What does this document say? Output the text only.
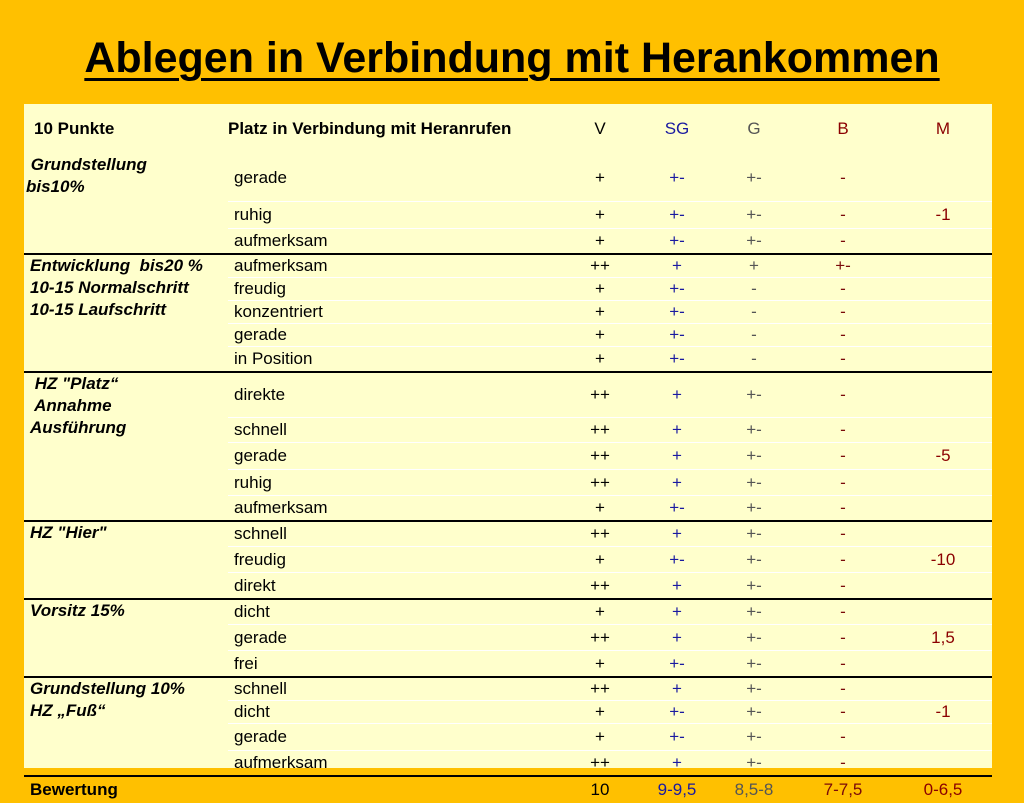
Ablegen in Verbindung mit Herankommen
10 Punkte	Platz in Verbindung mit Heranrufen	V	SG	G	B	M
Grundstellung
bis10%	gerade	+	+-	+-	-	
	ruhig	+	+-	+-	-	-1
	aufmerksam	+	+-	+-	-	
Entwicklung  bis20 %
10-15 Normalschritt
10-15 Laufschritt	aufmerksam	++	+	+	+-	
	freudig	+	+-	-	-	
	konzentriert	+	+-	-	-	
	gerade	+	+-	-	-	
	in Position	+	+-	-	-	
HZ "Platz“
Annahme
Ausführung	direkte	++	+	+-	-	
	schnell	++	+	+-	-	
	gerade	++	+	+-	-	-5
	ruhig	++	+	+-	-	
	aufmerksam	+	+-	+-	-	
HZ "Hier"	schnell	++	+	+-	-	
	freudig	+	+-	+-	-	-10
	direkt	++	+	+-	-	
Vorsitz 15%	dicht	+	+	+-	-	
	gerade	++	+	+-	-	1,5
	frei	+	+-	+-	-	
Grundstellung 10%
HZ „Fuß“	schnell	++	+	+-	-	
	dicht	+	+-	+-	-	-1
	gerade	+	+-	+-	-	
	aufmerksam	++	+	+-	-	
Bewertung		10	9-9,5	8,5-8	7-7,5	0-6,5
